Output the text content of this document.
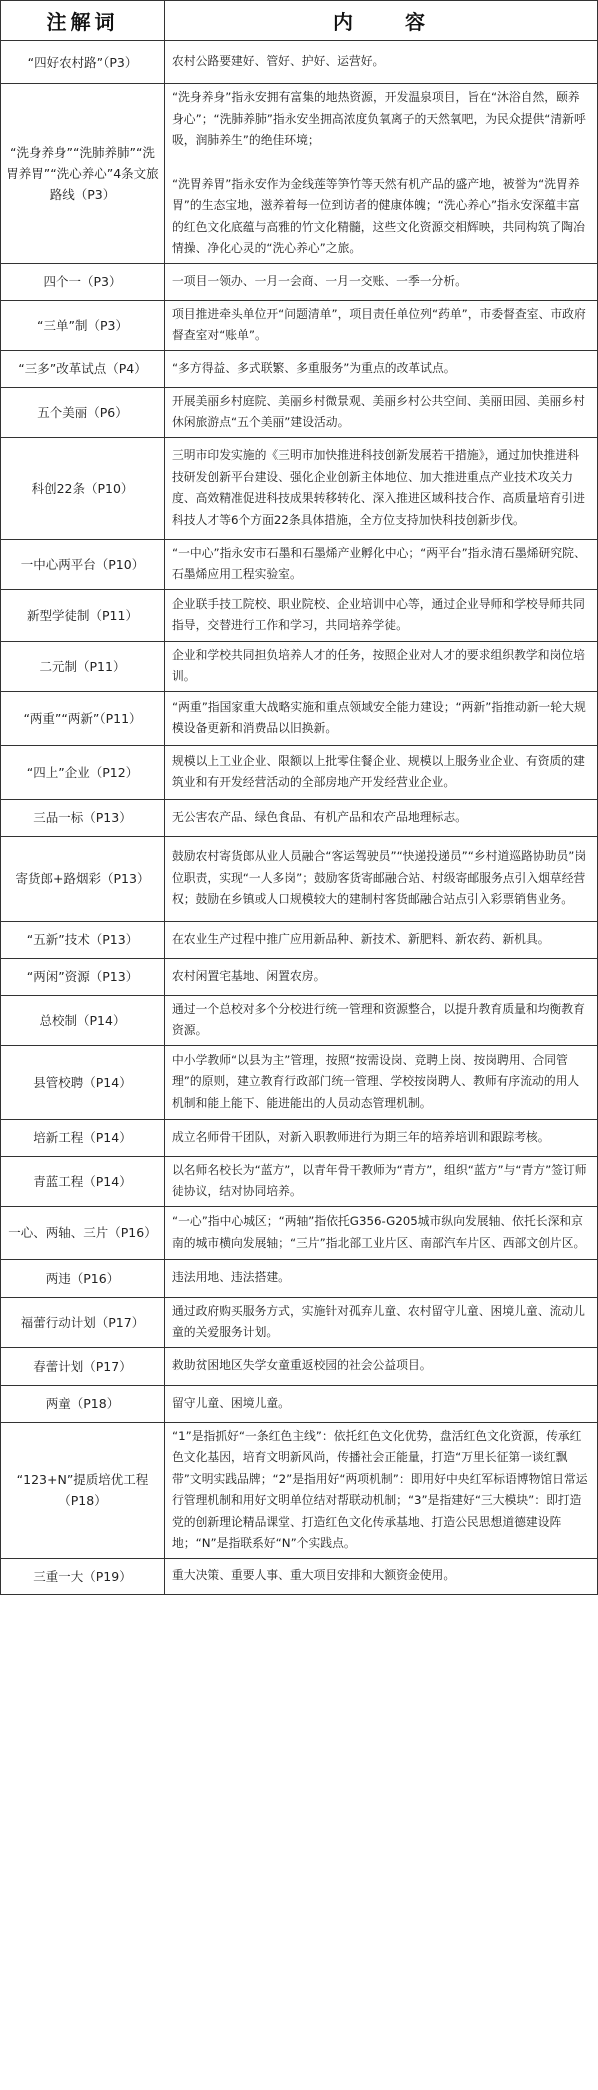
注解词	内　　容
“四好农村路”（P3）	农村公路要建好、管好、护好、运营好。

“洗身养身”“洗肺养肺”“洗胃养胃”“洗心养心”4条文旅路线（P3）	“洗身养身”指永安拥有富集的地热资源，开发温泉项目，旨在“沐浴自然，颐养身心”；“洗肺养肺”指永安坐拥高浓度负氧离子的天然氧吧，为民众提供“清新呼吸，润肺养生”的绝佳环境；
“洗胃养胃”指永安作为金线莲等笋竹等天然有机产品的盛产地，被誉为“洗胃养胃”的生态宝地，滋养着每一位到访者的健康体魄；“洗心养心”指永安深蕴丰富的红色文化底蕴与高雅的竹文化精髓，这些文化资源交相辉映，共同构筑了陶冶情操、净化心灵的“洗心养心”之旅。

四个一（P3）	一项目一领办、一月一会商、一月一交账、一季一分析。

“三单”制（P3）	项目推进牵头单位开“问题清单”，项目责任单位列“药单”，市委督查室、市政府督查室对“账单”。

“三多”改革试点（P4）	“多方得益、多式联繁、多重服务”为重点的改革试点。

五个美丽（P6）	开展美丽乡村庭院、美丽乡村微景观、美丽乡村公共空间、美丽田园、美丽乡村休闲旅游点“五个美丽”建设活动。

科创22条（P10）	三明市印发实施的《三明市加快推进科技创新发展若干措施》，通过加快推进科技研发创新平台建设、强化企业创新主体地位、加大推进重点产业技术攻关力度、高效精准促进科技成果转移转化、深入推进区域科技合作、高质量培育引进科技人才等6个方面22条具体措施，全方位支持加快科技创新步伐。

一中心两平台（P10）	“一中心”指永安市石墨和石墨烯产业孵化中心；“两平台”指永清石墨烯研究院、石墨烯应用工程实验室。

新型学徒制（P11）	企业联手技工院校、职业院校、企业培训中心等，通过企业导师和学校导师共同指导，交替进行工作和学习，共同培养学徒。

二元制（P11）	企业和学校共同担负培养人才的任务，按照企业对人才的要求组织教学和岗位培训。

“两重”“两新”（P11）	“两重”指国家重大战略实施和重点领域安全能力建设；“两新”指推动新一轮大规模设备更新和消费品以旧换新。

“四上”企业（P12）	规模以上工业企业、限额以上批零住餐企业、规模以上服务业企业、有资质的建筑业和有开发经营活动的全部房地产开发经营业企业。

三品一标（P13）	无公害农产品、绿色食品、有机产品和农产品地理标志。

寄货郎+路烟彩（P13）	鼓励农村寄货郎从业人员融合“客运驾驶员”“快递投递员”“乡村道巡路协助员”岗位职责，实现“一人多岗”；鼓励客货寄邮融合站、村级寄邮服务点引入烟草经营权；鼓励在乡镇或人口规模较大的建制村客货邮融合站点引入彩票销售业务。

“五新”技术（P13）	在农业生产过程中推广应用新品种、新技术、新肥料、新农药、新机具。

“两闲”资源（P13）	农村闲置宅基地、闲置农房。

总校制（P14）	通过一个总校对多个分校进行统一管理和资源整合，以提升教育质量和均衡教育资源。

县管校聘（P14）	中小学教师“以县为主”管理，按照“按需设岗、竞聘上岗、按岗聘用、合同管理”的原则，建立教育行政部门统一管理、学校按岗聘人、教师有序流动的用人机制和能上能下、能进能出的人员动态管理机制。

培新工程（P14）	成立名师骨干团队，对新入职教师进行为期三年的培养培训和跟踪考核。

青蓝工程（P14）	以名师名校长为“蓝方”，以青年骨干教师为“青方”，组织“蓝方”与“青方”签订师徒协议，结对协同培养。

一心、两轴、三片（P16）	“一心”指中心城区；“两轴”指依托G356-G205城市纵向发展轴、依托长深和京南的城市横向发展轴；“三片”指北部工业片区、南部汽车片区、西部文创片区。

两违（P16）	违法用地、违法搭建。

福蕾行动计划（P17）	通过政府购买服务方式，实施针对孤弃儿童、农村留守儿童、困境儿童、流动儿童的关爱服务计划。

春蕾计划（P17）	救助贫困地区失学女童重返校园的社会公益项目。

两童（P18）	留守儿童、困境儿童。

“123+N”提质培优工程（P18）	“1”是指抓好“一条红色主线”：依托红色文化优势，盘活红色文化资源，传承红色文化基因，培育文明新风尚，传播社会正能量，打造“万里长征第一谈红飘带”文明实践品牌；“2”是指用好“两项机制”：即用好中央红军标语博物馆日常运行管理机制和用好文明单位结对帮联动机制；“3”是指建好“三大模块”：即打造党的创新理论精品课堂、打造红色文化传承基地、打造公民思想道德建设阵地；“N”是指联系好“N”个实践点。

三重一大（P19）	重大决策、重要人事、重大项目安排和大额资金使用。
